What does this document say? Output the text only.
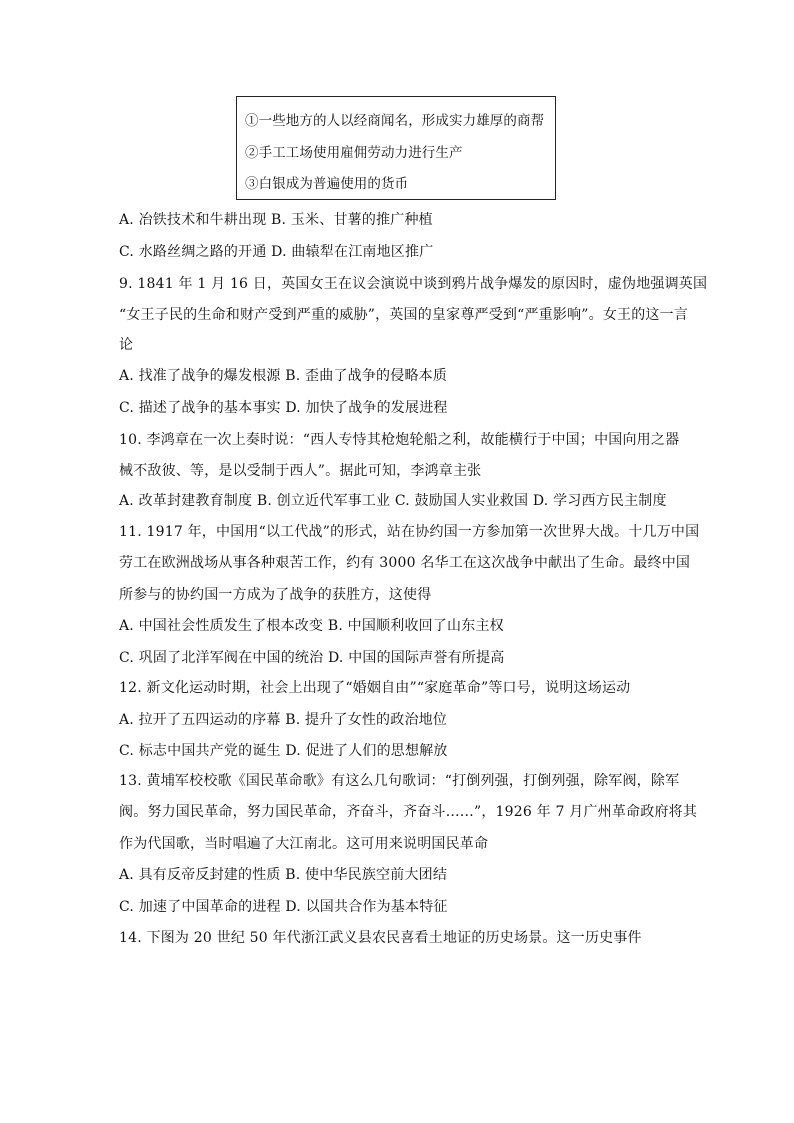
①一些地方的人以经商闻名，形成实力雄厚的商帮
②手工工场使用雇佣劳动力进行生产
③白银成为普遍使用的货币
A. 冶铁技术和牛耕出现 B. 玉米、甘薯的推广种植
C. 水路丝绸之路的开通 D. 曲辕犁在江南地区推广
9. 1841 年 1 月 16 日，英国女王在议会演说中谈到鸦片战争爆发的原因时，虚伪地强调英国
“女王子民的生命和财产受到严重的威胁”，英国的皇家尊严受到“严重影响”。女王的这一言
论
A. 找准了战争的爆发根源 B. 歪曲了战争的侵略本质
C. 描述了战争的基本事实 D. 加快了战争的发展进程
10. 李鸿章在一次上奏时说：“西人专恃其枪炮轮船之利，故能横行于中国；中国向用之器
械不敌彼、等，是以受制于西人”。据此可知，李鸿章主张
A. 改革封建教育制度 B. 创立近代军事工业 C. 鼓励国人实业救国 D. 学习西方民主制度
11. 1917 年，中国用“以工代战”的形式，站在协约国一方参加第一次世界大战。十几万中国
劳工在欧洲战场从事各种艰苦工作，约有 3000 名华工在这次战争中献出了生命。最终中国
所参与的协约国一方成为了战争的获胜方，这使得
A. 中国社会性质发生了根本改变 B. 中国顺利收回了山东主权
C. 巩固了北洋军阀在中国的统治 D. 中国的国际声誉有所提高
12. 新文化运动时期，社会上出现了“婚姻自由”“家庭革命”等口号，说明这场运动
A. 拉开了五四运动的序幕 B. 提升了女性的政治地位
C. 标志中国共产党的诞生 D. 促进了人们的思想解放
13. 黄埔军校校歌《国民革命歌》有这么几句歌词：“打倒列强，打倒列强，除军阀，除军
阀。努力国民革命，努力国民革命，齐奋斗，齐奋斗……”，1926 年 7 月广州革命政府将其
作为代国歌，当时唱遍了大江南北。这可用来说明国民革命
A. 具有反帝反封建的性质 B. 使中华民族空前大团结
C. 加速了中国革命的进程 D. 以国共合作为基本特征
14. 下图为 20 世纪 50 年代浙江武义县农民喜看土地证的历史场景。这一历史事件
